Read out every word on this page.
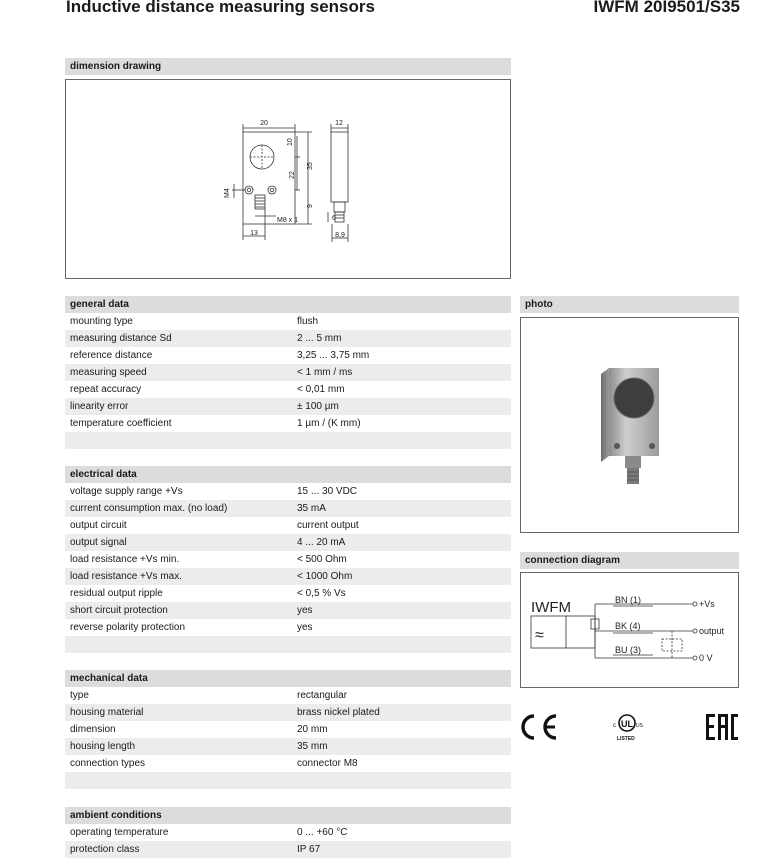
Inductive distance measuring sensors	IWFM 20I9501/S35
dimension drawing
20	12
10
35
22
9
M4
M8 x 1
13
6
8,9
general data
mounting type	flush
measuring distance Sd	2 ... 5 mm
reference distance	3,25 ... 3,75 mm
measuring speed	< 1 mm / ms
repeat accuracy	< 0,01 mm
linearity error	± 100 µm
temperature coefficient	1 µm / (K mm)
electrical data
voltage supply range +Vs	15 ... 30 VDC
current consumption max. (no load)	35 mA
output circuit	current output
output signal	4 ... 20 mA
load resistance +Vs min.	< 500 Ohm
load resistance +Vs max.	< 1000 Ohm
residual output ripple	< 0,5 % Vs
short circuit protection	yes
reverse polarity protection	yes
mechanical data
type	rectangular
housing material	brass nickel plated
dimension	20 mm
housing length	35 mm
connection types	connector M8
ambient conditions
operating temperature	0 ... +60 °C
protection class	IP 67
photo
connection diagram
IWFM
≈
BN (1)
BK (4)
BU (3)
+Vs
output
0 V
UL
c	US
LISTED
